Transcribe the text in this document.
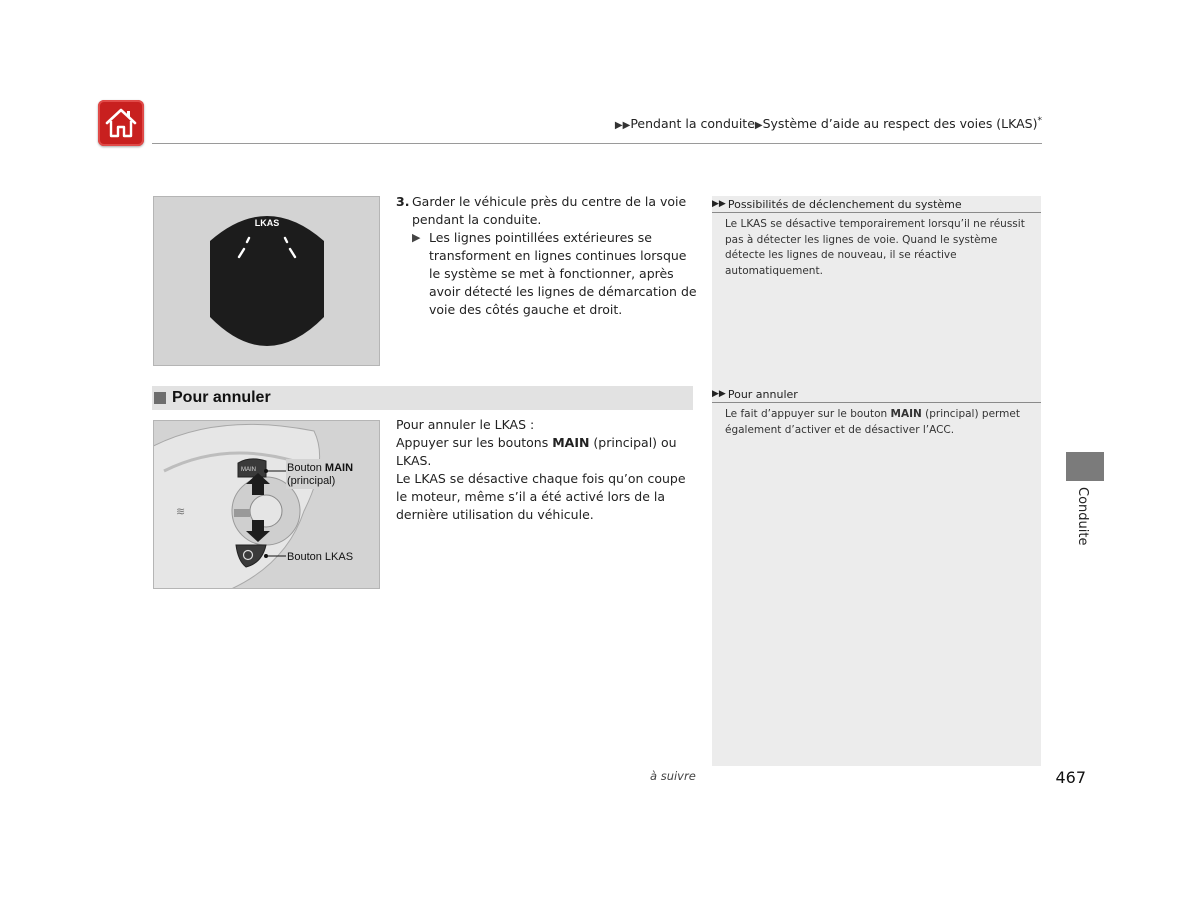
▶▶Pendant la conduite▶Système d’aide au respect des voies (LKAS)*
LKAS
3. Garder le véhicule près du centre de la voie pendant la conduite.
▶ Les lignes pointillées extérieures se transforment en lignes continues lorsque le système se met à fonctionner, après avoir détecté les lignes de démarcation de voie des côtés gauche et droit.
Pour annuler
≋
MAIN	Bouton MAIN
(principal)
Bouton LKAS

Pour annuler le LKAS :

Appuyer sur les boutons MAIN (principal) ou LKAS.

Le LKAS se désactive chaque fois qu’on coupe le moteur, même s’il a été activé lors de la dernière utilisation du véhicule.

▶▶ Possibilités de déclenchement du système
Le LKAS se désactive temporairement lorsqu’il ne réussit pas à détecter les lignes de voie. Quand le système détecte les lignes de nouveau, il se réactive automatiquement.
▶▶ Pour annuler
Le fait d’appuyer sur le bouton MAIN (principal) permet également d’activer et de désactiver l’ACC.
Conduite
à suivre	467
